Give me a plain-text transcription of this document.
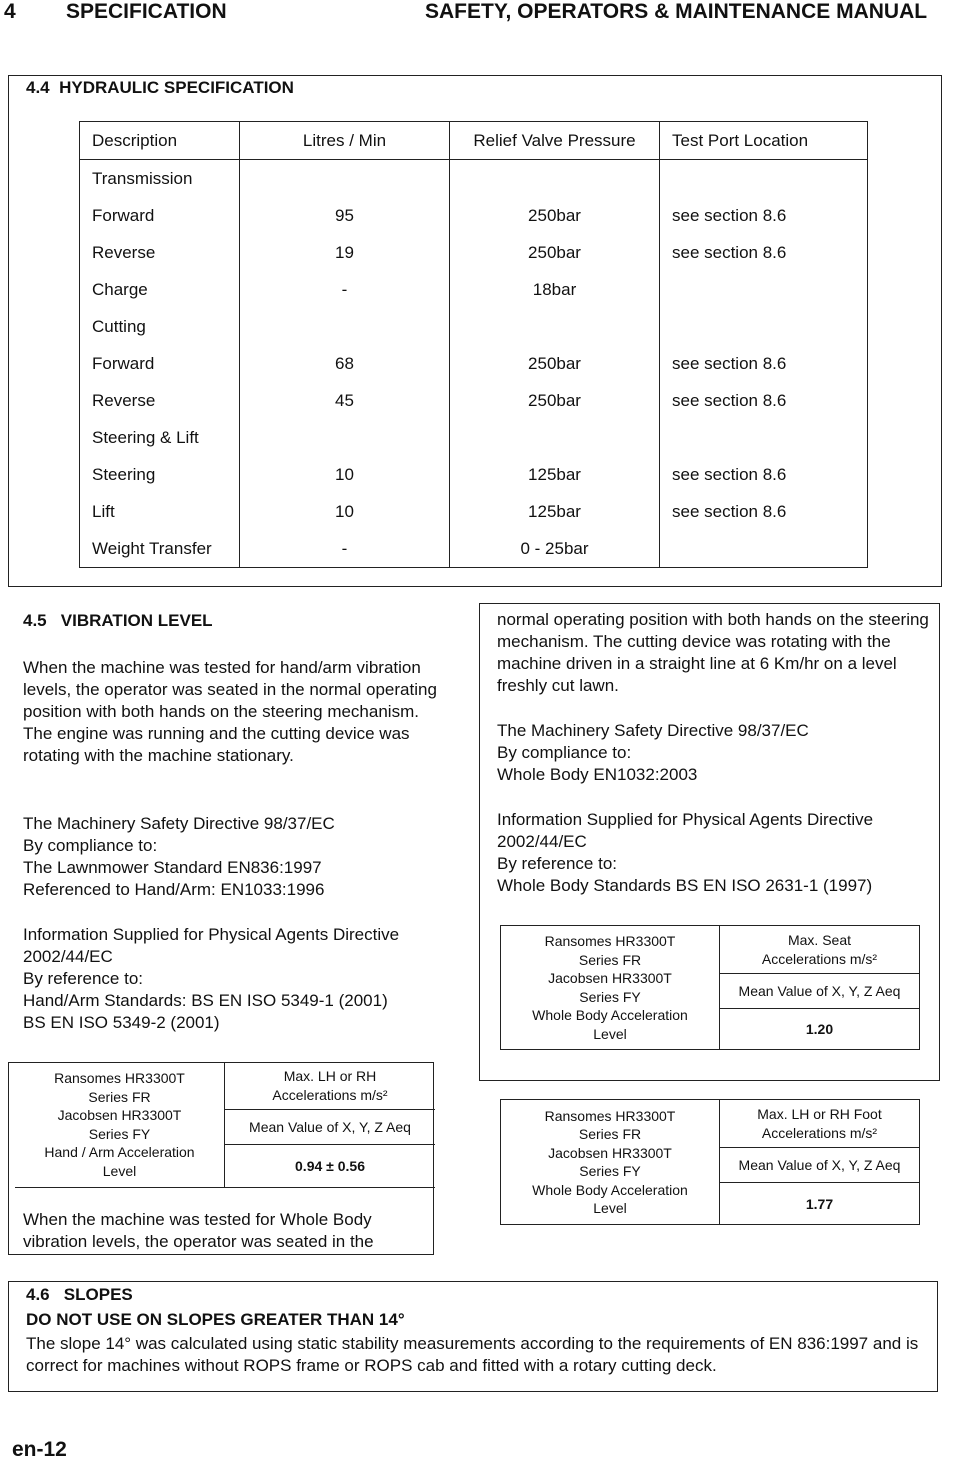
4 SPECIFICATION	SAFETY, OPERATORS & MAINTENANCE MANUAL
4.4  HYDRAULIC SPECIFICATION
Description	Litres / Min	Relief Valve Pressure	Test Port Location
Transmission			
Forward	95	250bar	see section 8.6
Reverse	19	250bar	see section 8.6
Charge	-	18bar	
Cutting			
Forward	68	250bar	see section 8.6
Reverse	45	250bar	see section 8.6
Steering & Lift			
Steering	10	125bar	see section 8.6
Lift	10	125bar	see section 8.6
Weight Transfer	-	0 - 25bar	
4.5   VIBRATION LEVEL
When the machine was tested for hand/arm vibration levels, the operator was seated in the normal operating position with both hands on the steering mechanism. The engine was running and the cutting device was rotating with the machine stationary.
The Machinery Safety Directive 98/37/EC
By compliance to:
The Lawnmower Standard EN836:1997
Referenced to Hand/Arm: EN1033:1996
Information Supplied for Physical Agents Directive 2002/44/EC
By reference to:
Hand/Arm Standards: BS EN ISO 5349-1 (2001)
BS EN ISO 5349-2 (2001)
normal operating position with both hands on the steering mechanism. The cutting device was rotating with the machine driven in a straight line at 6 Km/hr on a level freshly cut lawn.
The Machinery Safety Directive 98/37/EC
By compliance to:
Whole Body EN1032:2003
Information Supplied for Physical Agents Directive 2002/44/EC
By reference to:
Whole Body Standards BS EN ISO 2631-1 (1997)
Ransomes HR3300T
Series FR
Jacobsen HR3300T
Series FY
Whole Body Acceleration
Level	Max. Seat
Accelerations m/s²
Mean Value of X, Y, Z Aeq
1.20
Ransomes HR3300T
Series FR
Jacobsen HR3300T
Series FY
Hand / Arm Acceleration
Level	Max. LH or RH
Accelerations m/s²
Mean Value of X, Y, Z Aeq
0.94 ± 0.56
When the machine was tested for Whole Body vibration levels, the operator was seated in the
Ransomes HR3300T
Series FR
Jacobsen HR3300T
Series FY
Whole Body Acceleration
Level	Max. LH or RH Foot
Accelerations m/s²
Mean Value of X, Y, Z Aeq
1.77
4.6   SLOPES
DO NOT USE ON SLOPES GREATER THAN 14°
The slope 14° was calculated using static stability measurements according to the requirements of EN 836:1997 and is correct for machines without ROPS frame or ROPS cab and fitted with a rotary cutting deck.
en-12
